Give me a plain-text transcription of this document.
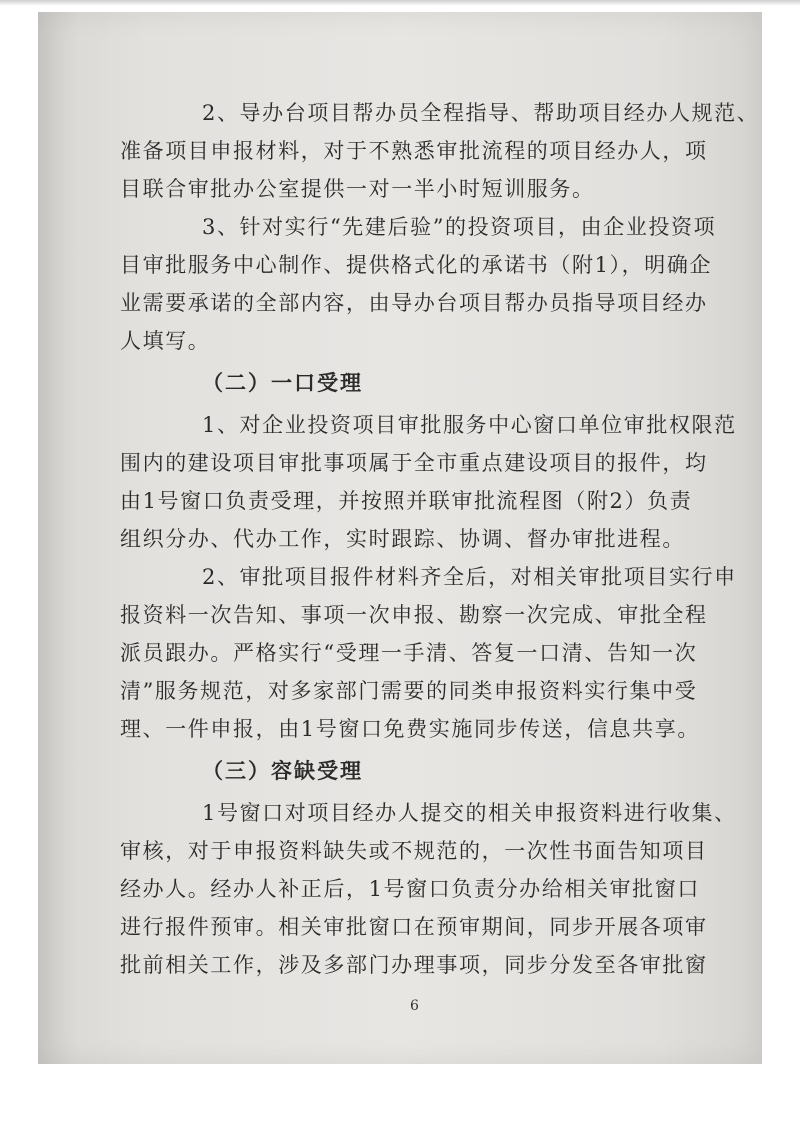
2、导办台项目帮办员全程指导、帮助项目经办人规范、
准备项目申报材料，对于不熟悉审批流程的项目经办人，项
目联合审批办公室提供一对一半小时短训服务。
3、针对实行“先建后验”的投资项目，由企业投资项
目审批服务中心制作、提供格式化的承诺书（附1），明确企
业需要承诺的全部内容，由导办台项目帮办员指导项目经办
人填写。
（二）一口受理
1、对企业投资项目审批服务中心窗口单位审批权限范
围内的建设项目审批事项属于全市重点建设项目的报件，均
由1号窗口负责受理，并按照并联审批流程图（附2）负责
组织分办、代办工作，实时跟踪、协调、督办审批进程。
2、审批项目报件材料齐全后，对相关审批项目实行申
报资料一次告知、事项一次申报、勘察一次完成、审批全程
派员跟办。严格实行“受理一手清、答复一口清、告知一次
清”服务规范，对多家部门需要的同类申报资料实行集中受
理、一件申报，由1号窗口免费实施同步传送，信息共享。
（三）容缺受理
1号窗口对项目经办人提交的相关申报资料进行收集、
审核，对于申报资料缺失或不规范的，一次性书面告知项目
经办人。经办人补正后，1号窗口负责分办给相关审批窗口
进行报件预审。相关审批窗口在预审期间，同步开展各项审
批前相关工作，涉及多部门办理事项，同步分发至各审批窗
6
